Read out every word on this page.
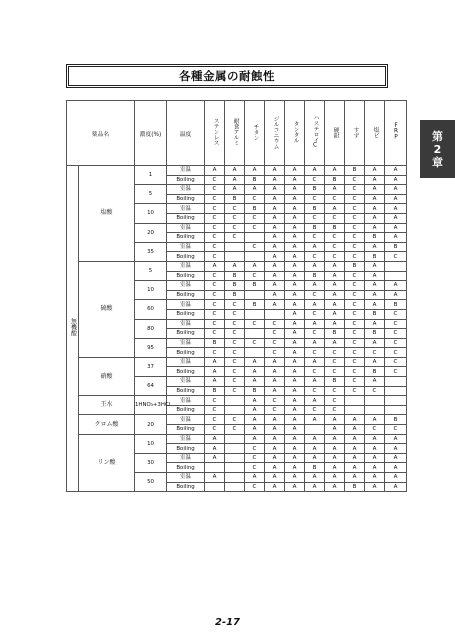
各種金属の耐蝕性
第
2
章
薬品名		濃度(%)	温度	ステンレス	耐食アルミ	チタン	ジルコニウム	タンタル	ハステロイC	硬鉛	すず	塩ビ	FRP
無機酸	塩酸	1	室温	A	A	A	A	A	A	A	B	A	A
			Boiling	C	A	B	A	A	C	B	C	A	A
		5	室温	C	A	A	A	A	B	A	C	A	A
			Boiling	C	B	C	A	A	C	C	C	A	A
		10	室温	C	C	B	A	A	B	A	C	A	A
			Boiling	C	C	C	A	A	C	C	C	A	A
		20	室温	C	C	C	A	A	B	B	C	A	A
			Boiling	C	C		A	A	C	C	C	B	A
		35	室温	C		C	A	A	A	C	C	A	B
			Boiling	C			A	A	C	C	C	B	C
	硫酸	5	室温	A	A	A	A	A	A	A	B	A	
			Boiling	C	B	C	A	A	B	A	C	A	
		10	室温	C	B	B	A	A	A	A	C	A	A
			Boiling	C	B		A	A	C	A	C	A	A
		60	室温	C	C	B	A	A	A	A	C	A	B
			Boiling	C	C			A	C	A	C	B	C
		80	室温	C	C	C	C	A	A	A	C	A	C
			Boiling	C	C		C	A	C	B	C	B	C
		95	室温	B	C	C	C	A	A	A	C	A	C
			Boiling	C	C		C	A	C	C	C	C	C
	硝酸	37	室温	A	C	A	A	A	A	C	C	A	C
			Boiling	A	C	A	A	A	C	C	C	B	C
		64	室温	A	C	A	A	A	A	B	C	A	
			Boiling	B	C	B	A	A	C	C	C	C	
	王水	1HNO₃+3HCl	室温	C		A	C	A	A	C			
			Boiling	C		A	C	A	C	C			
	クロム酸	20	室温	C	C	A	A	A	A	A	A	A	B
			Boiling	C	C	A	A	A		A	A	C	C
	リン酸	10	室温	A		A	A	A	A	A	A	A	A
			Boiling	A		C	A	A	A	A	A	A	A
		30	室温	A		C	A	A	A	A	A	A	A
			Boiling			C	A	A	B	A	A	A	A
		50	室温	A		A	A	A	A	A	A	A	A
			Boiling			C	A	A	A	A	B	A	A
2-17
